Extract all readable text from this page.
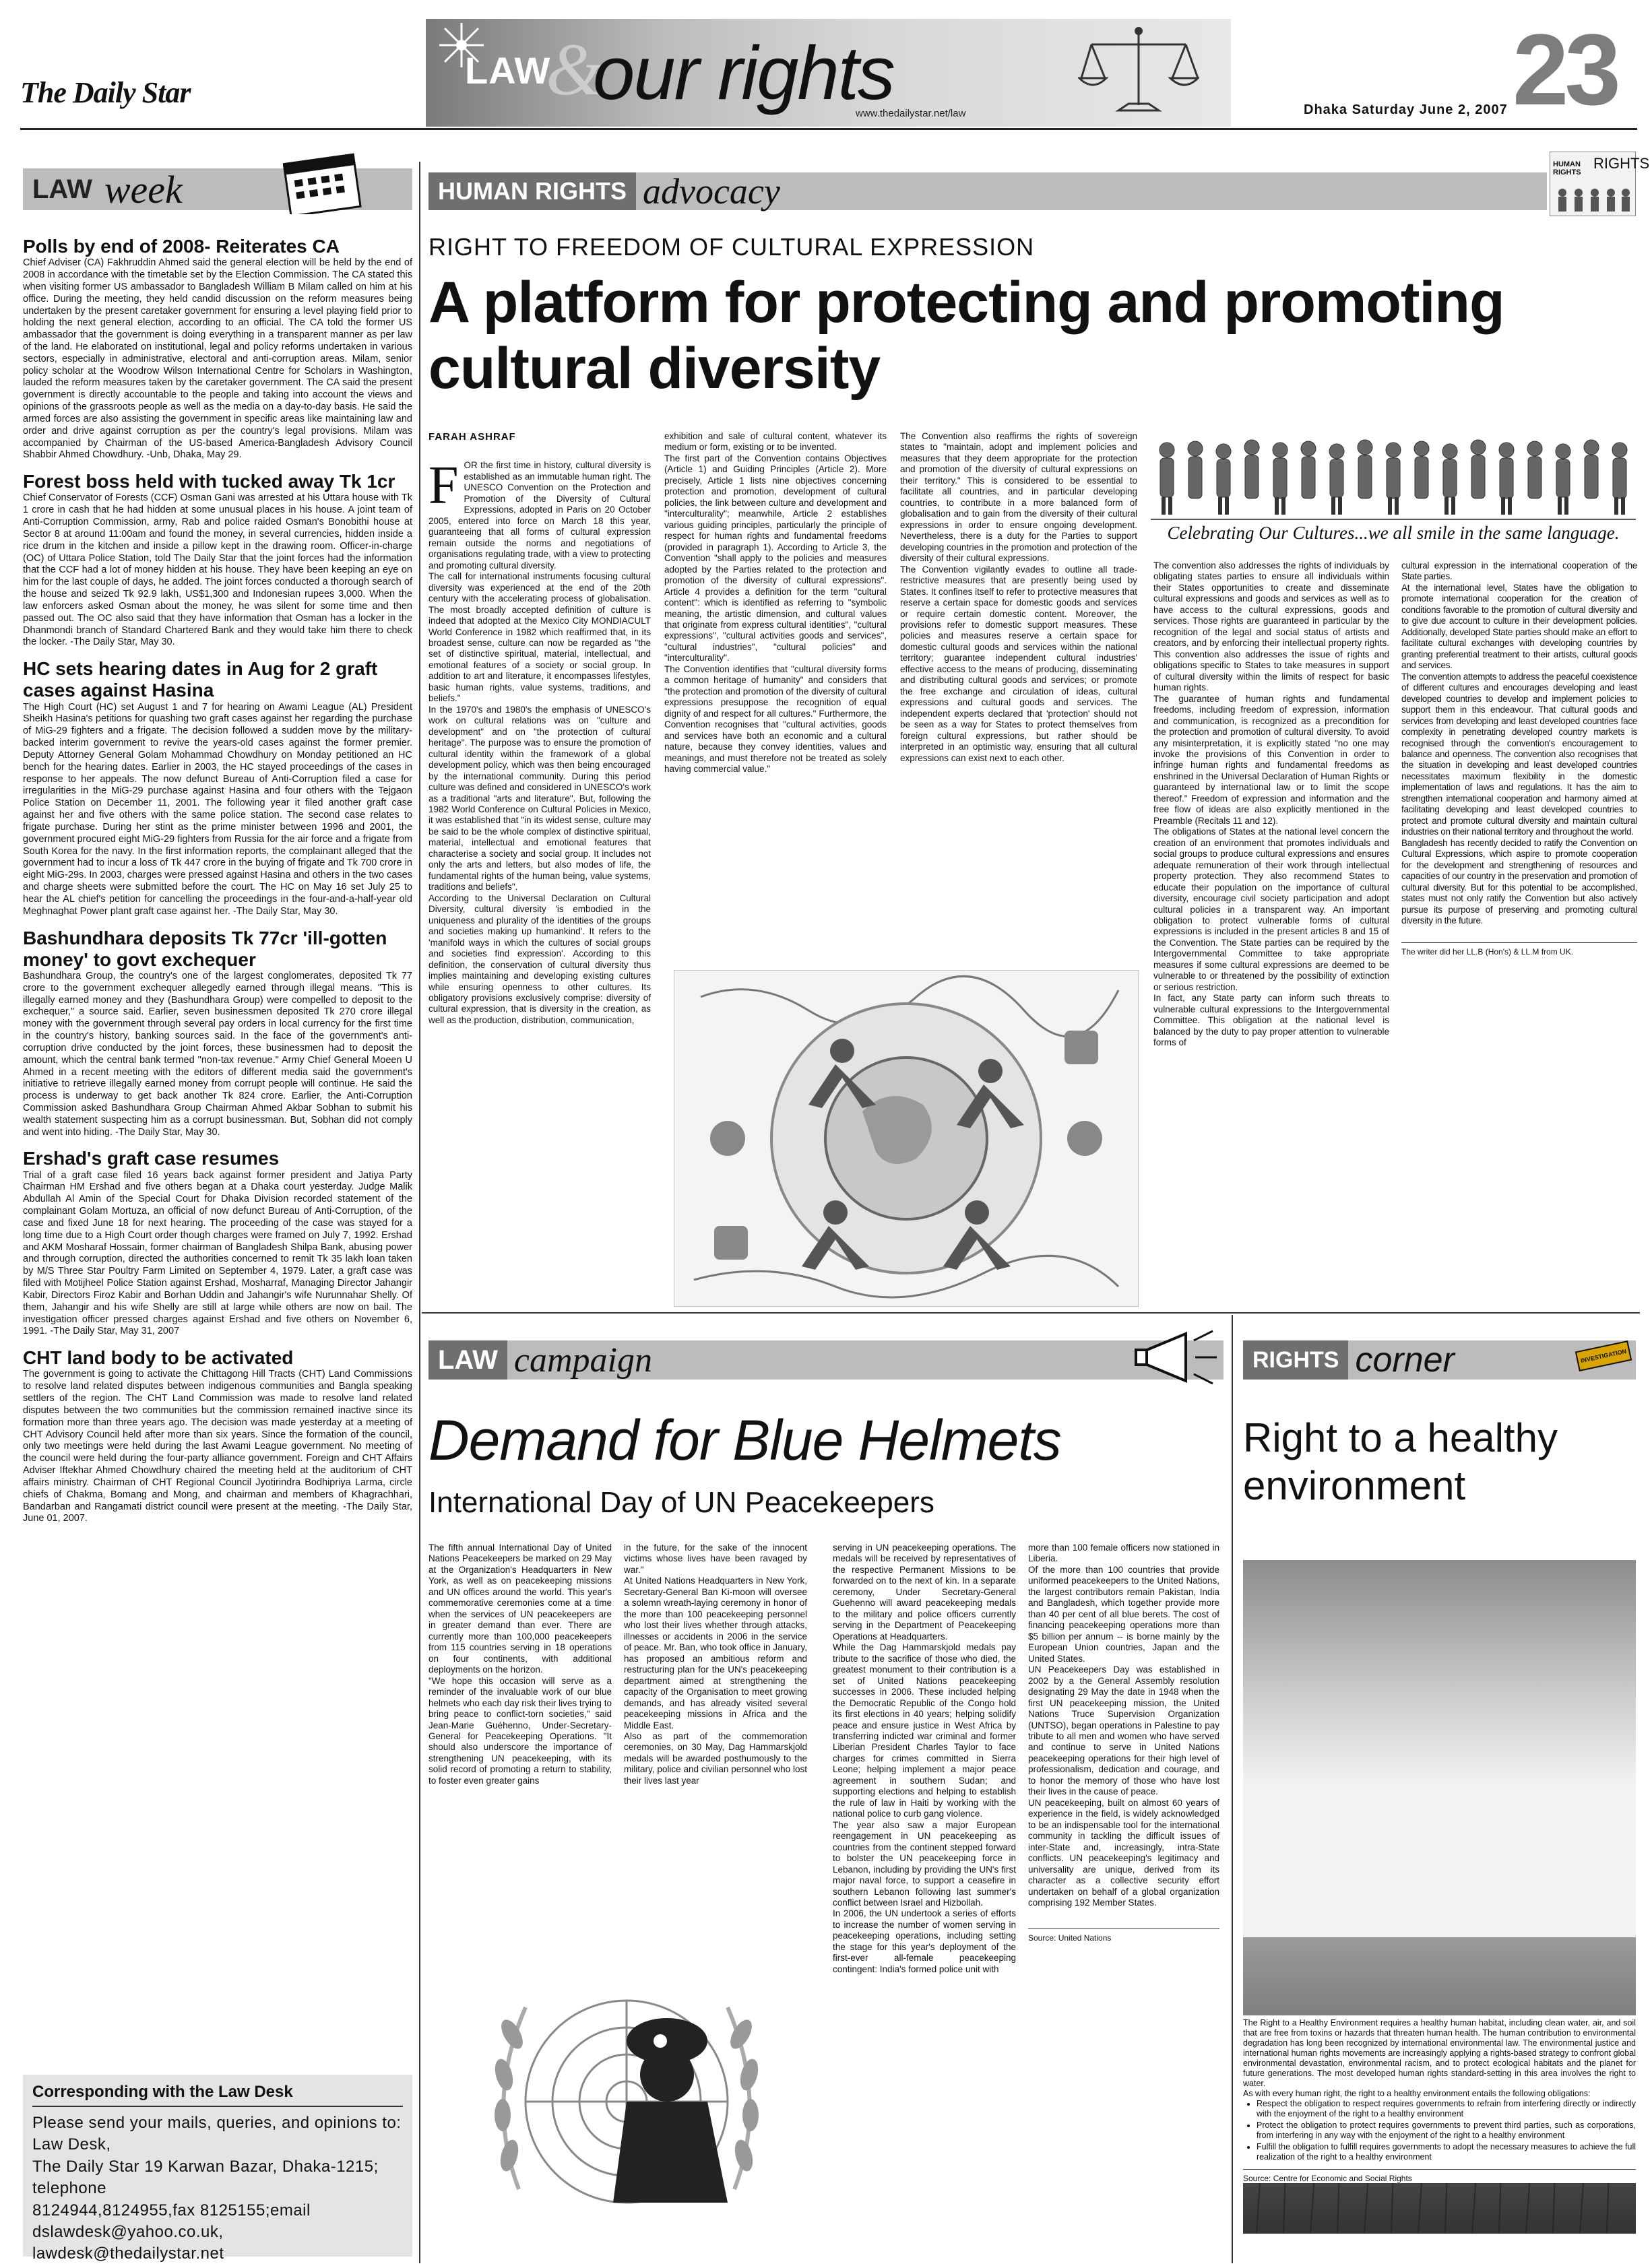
The Daily Star	&
LAW our rights
www.thedailystar.net/law	Dhaka Saturday June 2, 2007 23
LAW week
Polls by end of 2008- Reiterates CA
Chief Adviser (CA) Fakhruddin Ahmed said the general election will be held by the end of 2008 in accordance with the timetable set by the Election Commission. The CA stated this when visiting former US ambassador to Bangladesh William B Milam called on him at his office. During the meeting, they held candid discussion on the reform measures being undertaken by the present caretaker government for ensuring a level playing field prior to holding the next general election, according to an official. The CA told the former US ambassador that the government is doing everything in a transparent manner as per law of the land. He elaborated on institutional, legal and policy reforms undertaken in various sectors, especially in administrative, electoral and anti-corruption areas. Milam, senior policy scholar at the Woodrow Wilson International Centre for Scholars in Washington, lauded the reform measures taken by the caretaker government. The CA said the present government is directly accountable to the people and taking into account the views and opinions of the grassroots people as well as the media on a day-to-day basis. He said the armed forces are also assisting the government in specific areas like maintaining law and order and drive against corruption as per the country's legal provisions. Milam was accompanied by Chairman of the US-based America-Bangladesh Advisory Council Shabbir Ahmed Chowdhury. -Unb, Dhaka, May 29.
Forest boss held with tucked away Tk 1cr
Chief Conservator of Forests (CCF) Osman Gani was arrested at his Uttara house with Tk 1 crore in cash that he had hidden at some unusual places in his house. A joint team of Anti-Corruption Commission, army, Rab and police raided Osman's Bonobithi house at Sector 8 at around 11:00am and found the money, in several currencies, hidden inside a rice drum in the kitchen and inside a pillow kept in the drawing room. Officer-in-charge (OC) of Uttara Police Station, told The Daily Star that the joint forces had the information that the CCF had a lot of money hidden at his house. They have been keeping an eye on him for the last couple of days, he added. The joint forces conducted a thorough search of the house and seized Tk 92.9 lakh, US$1,300 and Indonesian rupees 3,000. When the law enforcers asked Osman about the money, he was silent for some time and then passed out. The OC also said that they have information that Osman has a locker in the Dhanmondi branch of Standard Chartered Bank and they would take him there to check the locker. -The Daily Star, May 30.
HC sets hearing dates in Aug for 2 graft cases against Hasina
The High Court (HC) set August 1 and 7 for hearing on Awami League (AL) President Sheikh Hasina's petitions for quashing two graft cases against her regarding the purchase of MiG-29 fighters and a frigate. The decision followed a sudden move by the military-backed interim government to revive the years-old cases against the former premier. Deputy Attorney General Golam Mohammad Chowdhury on Monday petitioned an HC bench for the hearing dates. Earlier in 2003, the HC stayed proceedings of the cases in response to her appeals. The now defunct Bureau of Anti-Corruption filed a case for irregularities in the MiG-29 purchase against Hasina and four others with the Tejgaon Police Station on December 11, 2001. The following year it filed another graft case against her and five others with the same police station. The second case relates to frigate purchase. During her stint as the prime minister between 1996 and 2001, the government procured eight MiG-29 fighters from Russia for the air force and a frigate from South Korea for the navy. In the first information reports, the complainant alleged that the government had to incur a loss of Tk 447 crore in the buying of frigate and Tk 700 crore in eight MiG-29s. In 2003, charges were pressed against Hasina and others in the two cases and charge sheets were submitted before the court. The HC on May 16 set July 25 to hear the AL chief's petition for cancelling the proceedings in the four-and-a-half-year old Meghnaghat Power plant graft case against her. -The Daily Star, May 30.
Bashundhara deposits Tk 77cr 'ill-gotten money' to govt exchequer
Bashundhara Group, the country's one of the largest conglomerates, deposited Tk 77 crore to the government exchequer allegedly earned through illegal means. "This is illegally earned money and they (Bashundhara Group) were compelled to deposit to the exchequer," a source said. Earlier, seven businessmen deposited Tk 270 crore illegal money with the government through several pay orders in local currency for the first time in the country's history, banking sources said. In the face of the government's anti-corruption drive conducted by the joint forces, these businessmen had to deposit the amount, which the central bank termed "non-tax revenue." Army Chief General Moeen U Ahmed in a recent meeting with the editors of different media said the government's initiative to retrieve illegally earned money from corrupt people will continue. He said the process is underway to get back another Tk 824 crore. Earlier, the Anti-Corruption Commission asked Bashundhara Group Chairman Ahmed Akbar Sobhan to submit his wealth statement suspecting him as a corrupt businessman. But, Sobhan did not comply and went into hiding. -The Daily Star, May 30.
Ershad's graft case resumes
Trial of a graft case filed 16 years back against former president and Jatiya Party Chairman HM Ershad and five others began at a Dhaka court yesterday. Judge Malik Abdullah Al Amin of the Special Court for Dhaka Division recorded statement of the complainant Golam Mortuza, an official of now defunct Bureau of Anti-Corruption, of the case and fixed June 18 for next hearing. The proceeding of the case was stayed for a long time due to a High Court order though charges were framed on July 7, 1992. Ershad and AKM Mosharaf Hossain, former chairman of Bangladesh Shilpa Bank, abusing power and through corruption, directed the authorities concerned to remit Tk 35 lakh loan taken by M/S Three Star Poultry Farm Limited on September 4, 1979. Later, a graft case was filed with Motijheel Police Station against Ershad, Mosharraf, Managing Director Jahangir Kabir, Directors Firoz Kabir and Borhan Uddin and Jahangir's wife Nurunnahar Shelly. Of them, Jahangir and his wife Shelly are still at large while others are now on bail. The investigation officer pressed charges against Ershad and five others on November 6, 1991. -The Daily Star, May 31, 2007
CHT land body to be activated
The government is going to activate the Chittagong Hill Tracts (CHT) Land Commissions to resolve land related disputes between indigenous communities and Bangla speaking settlers of the region. The CHT Land Commission was made to resolve land related disputes between the two communities but the commission remained inactive since its formation more than three years ago. The decision was made yesterday at a meeting of CHT Advisory Council held after more than six years. Since the formation of the council, only two meetings were held during the last Awami League government. No meeting of the council were held during the four-party alliance government. Foreign and CHT Affairs Adviser Iftekhar Ahmed Chowdhury chaired the meeting held at the auditorium of CHT affairs ministry. Chairman of CHT Regional Council Jyotirindra Bodhipriya Larma, circle chiefs of Chakma, Bomang and Mong, and chairman and members of Khagrachhari, Bandarban and Rangamati district council were present at the meeting. -The Daily Star, June 01, 2007.
Corresponding with the Law Desk
Please send your mails, queries, and opinions to: Law Desk,
The Daily Star 19 Karwan Bazar, Dhaka-1215; telephone
8124944,8124955,fax 8125155;email
dslawdesk@yahoo.co.uk, lawdesk@thedailystar.net
HUMAN RIGHTS advocacy
HUMAN RIGHTS
RIGHTS
RIGHT TO FREEDOM OF CULTURAL EXPRESSION
A platform for protecting and promoting cultural diversity
FARAH ASHRAF

FOR the first time in history, cultural diversity is established as an immutable human right. The UNESCO Convention on the Protection and Promotion of the Diversity of Cultural Expressions, adopted in Paris on 20 October 2005, entered into force on March 18 this year, guaranteeing that all forms of cultural expression remain outside the norms and negotiations of organisations regulating trade, with a view to protecting and promoting cultural diversity.
The call for international instruments focusing cultural diversity was experienced at the end of the 20th century with the accelerating process of globalisation. The most broadly accepted definition of culture is indeed that adopted at the Mexico City MONDIACULT World Conference in 1982 which reaffirmed that, in its broadest sense, culture can now be regarded as "the set of distinctive spiritual, material, intellectual, and emotional features of a society or social group. In addition to art and literature, it encompasses lifestyles, basic human rights, value systems, traditions, and beliefs."
In the 1970's and 1980's the emphasis of UNESCO's work on cultural relations was on "culture and development" and on "the protection of cultural heritage". The purpose was to ensure the promotion of cultural identity within the framework of a global development policy, which was then being encouraged by the international community. During this period culture was defined and considered in UNESCO's work as a traditional "arts and literature". But, following the 1982 World Conference on Cultural Policies in Mexico, it was established that "in its widest sense, culture may be said to be the whole complex of distinctive spiritual, material, intellectual and emotional features that characterise a society and social group. It includes not only the arts and letters, but also modes of life, the fundamental rights of the human being, value systems, traditions and beliefs".
According to the Universal Declaration on Cultural Diversity, cultural diversity 'is embodied in the uniqueness and plurality of the identities of the groups and societies making up humankind'. It refers to the 'manifold ways in which the cultures of social groups and societies find expression'. According to this definition, the conservation of cultural diversity thus implies maintaining and developing existing cultures while ensuring openness to other cultures. Its obligatory provisions exclusively comprise: diversity of cultural expression, that is diversity in the creation, as well as the production, distribution, communication,

exhibition and sale of cultural content, whatever its medium or form, existing or to be invented.
The first part of the Convention contains Objectives (Article 1) and Guiding Principles (Article 2). More precisely, Article 1 lists nine objectives concerning protection and promotion, development of cultural policies, the link between culture and development and "interculturality"; meanwhile, Article 2 establishes various guiding principles, particularly the principle of respect for human rights and fundamental freedoms (provided in paragraph 1). According to Article 3, the Convention "shall apply to the policies and measures adopted by the Parties related to the protection and promotion of the diversity of cultural expressions". Article 4 provides a definition for the term "cultural content": which is identified as referring to "symbolic meaning, the artistic dimension, and cultural values that originate from express cultural identities", "cultural expressions", "cultural activities goods and services", "cultural industries", "cultural policies" and "interculturality".
The Convention identifies that "cultural diversity forms a common heritage of humanity" and considers that "the protection and promotion of the diversity of cultural expressions presuppose the recognition of equal dignity of and respect for all cultures." Furthermore, the Convention recognises that "cultural activities, goods and services have both an economic and a cultural nature, because they convey identities, values and meanings, and must therefore not be treated as solely having commercial value."
The Convention also reaffirms the rights of sovereign states to "maintain, adopt and implement policies and measures that they deem appropriate for the protection and promotion of the diversity of cultural expressions on their territory." This is considered to be essential to facilitate all countries, and in particular developing countries, to contribute in a more balanced form of globalisation and to gain from the diversity of their cultural expressions in order to ensure ongoing development. Nevertheless, there is a duty for the Parties to support developing countries in the promotion and protection of the diversity of their cultural expressions.
The Convention vigilantly evades to outline all trade-restrictive measures that are presently being used by States. It confines itself to refer to protective measures that reserve a certain space for domestic goods and services or require certain domestic content. Moreover, the provisions refer to domestic support measures. These policies and measures reserve a certain space for domestic cultural goods and services within the national territory; guarantee independent cultural industries' effective access to the means of producing, disseminating and distributing cultural goods and services; or promote the free exchange and circulation of ideas, cultural expressions and cultural goods and services. The independent experts declared that 'protection' should not be seen as a way for States to protect themselves from foreign cultural expressions, but rather should be interpreted in an optimistic way, ensuring that all cultural expressions can exist next to each other.
Celebrating Our Cultures...we all smile in the same language.
The convention also addresses the rights of individuals by obligating states parties to ensure all individuals within their States opportunities to create and disseminate cultural expressions and goods and services as well as to have access to the cultural expressions, goods and services. Those rights are guaranteed in particular by the recognition of the legal and social status of artists and creators, and by enforcing their intellectual property rights. This convention also addresses the issue of rights and obligations specific to States to take measures in support of cultural diversity within the limits of respect for basic human rights.
The guarantee of human rights and fundamental freedoms, including freedom of expression, information and communication, is recognized as a precondition for the protection and promotion of cultural diversity. To avoid any misinterpretation, it is explicitly stated "no one may invoke the provisions of this Convention in order to infringe human rights and fundamental freedoms as enshrined in the Universal Declaration of Human Rights or guaranteed by international law or to limit the scope thereof." Freedom of expression and information and the free flow of ideas are also explicitly mentioned in the Preamble (Recitals 11 and 12).
The obligations of States at the national level concern the creation of an environment that promotes individuals and social groups to produce cultural expressions and ensures adequate remuneration of their work through intellectual property protection. They also recommend States to educate their population on the importance of cultural diversity, encourage civil society participation and adopt cultural policies in a transparent way. An important obligation to protect vulnerable forms of cultural expressions is included in the present articles 8 and 15 of the Convention. The State parties can be required by the Intergovernmental Committee to take appropriate measures if some cultural expressions are deemed to be vulnerable to or threatened by the possibility of extinction or serious restriction.
In fact, any State party can inform such threats to vulnerable cultural expressions to the Intergovernmental Committee. This obligation at the national level is balanced by the duty to pay proper attention to vulnerable forms of
cultural expression in the international cooperation of the State parties.
At the international level, States have the obligation to promote international cooperation for the creation of conditions favorable to the promotion of cultural diversity and to give due account to culture in their development policies. Additionally, developed State parties should make an effort to facilitate cultural exchanges with developing countries by granting preferential treatment to their artists, cultural goods and services.
The convention attempts to address the peaceful coexistence of different cultures and encourages developing and least developed countries to develop and implement policies to support them in this endeavour. That cultural goods and services from developing and least developed countries face complexity in penetrating developed country markets is recognised through the convention's encouragement to balance and openness. The convention also recognises that the situation in developing and least developed countries necessitates maximum flexibility in the domestic implementation of laws and regulations. It has the aim to strengthen international cooperation and harmony aimed at facilitating developing and least developed countries to protect and promote cultural diversity and maintain cultural industries on their national territory and throughout the world.
Bangladesh has recently decided to ratify the Convention on Cultural Expressions, which aspire to promote cooperation for the development and strengthening of resources and capacities of our country in the preservation and promotion of cultural diversity. But for this potential to be accomplished, states must not only ratify the Convention but also actively pursue its purpose of preserving and promoting cultural diversity in the future.
The writer did her LL.B (Hon's) & LL.M from UK.
LAW campaign
Demand for Blue Helmets
International Day of UN Peacekeepers
The fifth annual International Day of United Nations Peacekeepers be marked on 29 May at the Organization's Headquarters in New York, as well as on peacekeeping missions and UN offices around the world. This year's commemorative ceremonies come at a time when the services of UN peacekeepers are in greater demand than ever. There are currently more than 100,000 peacekeepers from 115 countries serving in 18 operations on four continents, with additional deployments on the horizon.
"We hope this occasion will serve as a reminder of the invaluable work of our blue helmets who each day risk their lives trying to bring peace to conflict-torn societies," said Jean-Marie Guéhenno, Under-Secretary-General for Peacekeeping Operations. "It should also underscore the importance of strengthening UN peacekeeping, with its solid record of promoting a return to stability, to foster even greater gains
in the future, for the sake of the innocent victims whose lives have been ravaged by war."
At United Nations Headquarters in New York, Secretary-General Ban Ki-moon will oversee a solemn wreath-laying ceremony in honor of the more than 100 peacekeeping personnel who lost their lives whether through attacks, illnesses or accidents in 2006 in the service of peace. Mr. Ban, who took office in January, has proposed an ambitious reform and restructuring plan for the UN's peacekeeping department aimed at strengthening the capacity of the Organisation to meet growing demands, and has already visited several peacekeeping missions in Africa and the Middle East.
Also as part of the commemoration ceremonies, on 30 May, Dag Hammarskjold medals will be awarded posthumously to the military, police and civilian personnel who lost their lives last year
serving in UN peacekeeping operations. The medals will be received by representatives of the respective Permanent Missions to be forwarded on to the next of kin. In a separate ceremony, Under Secretary-General Guehenno will award peacekeeping medals to the military and police officers currently serving in the Department of Peacekeeping Operations at Headquarters.
While the Dag Hammarskjold medals pay tribute to the sacrifice of those who died, the greatest monument to their contribution is a set of United Nations peacekeeping successes in 2006. These included helping the Democratic Republic of the Congo hold its first elections in 40 years; helping solidify peace and ensure justice in West Africa by transferring indicted war criminal and former Liberian President Charles Taylor to face charges for crimes committed in Sierra Leone; helping implement a major peace agreement in southern Sudan; and supporting elections and helping to establish the rule of law in Haiti by working with the national police to curb gang violence.
The year also saw a major European reengagement in UN peacekeeping as countries from the continent stepped forward to bolster the UN peacekeeping force in Lebanon, including by providing the UN's first major naval force, to support a ceasefire in southern Lebanon following last summer's conflict between Israel and Hizbollah.
In 2006, the UN undertook a series of efforts to increase the number of women serving in peacekeeping operations, including setting the stage for this year's deployment of the first-ever all-female peacekeeping contingent: India's formed police unit with
more than 100 female officers now stationed in Liberia.
Of the more than 100 countries that provide uniformed peacekeepers to the United Nations, the largest contributors remain Pakistan, India and Bangladesh, which together provide more than 40 per cent of all blue berets. The cost of financing peacekeeping operations more than $5 billion per annum -- is borne mainly by the European Union countries, Japan and the United States.
UN Peacekeepers Day was established in 2002 by a the General Assembly resolution designating 29 May the date in 1948 when the first UN peacekeeping mission, the United Nations Truce Supervision Organization (UNTSO), began operations in Palestine to pay tribute to all men and women who have served and continue to serve in United Nations peacekeeping operations for their high level of professionalism, dedication and courage, and to honor the memory of those who have lost their lives in the cause of peace.
UN peacekeeping, built on almost 60 years of experience in the field, is widely acknowledged to be an indispensable tool for the international community in tackling the difficult issues of inter-State and, increasingly, intra-State conflicts. UN peacekeeping's legitimacy and universality are unique, derived from its character as a collective security effort undertaken on behalf of a global organization comprising 192 Member States.
Source: United Nations
RIGHTS corner	INVESTIGATION
Right to a healthy environment
The Right to a Healthy Environment requires a healthy human habitat, including clean water, air, and soil that are free from toxins or hazards that threaten human health. The human contribution to environmental degradation has long been recognized by international environmental law. The environmental justice and international human rights movements are increasingly applying a rights-based strategy to confront global environmental devastation, environmental racism, and to protect ecological habitats and the planet for future generations. The most developed human rights standard-setting in this area involves the right to water.
As with every human right, the right to a healthy environment entails the following obligations:
• Respect the obligation to respect requires governments to refrain from interfering directly or indirectly with the enjoyment of the right to a healthy environment
• Protect the obligation to protect requires governments to prevent third parties, such as corporations, from interfering in any way with the enjoyment of the right to a healthy environment
• Fulfill the obligation to fulfill requires governments to adopt the necessary measures to achieve the full realization of the right to a healthy environment
Source: Centre for Economic and Social Rights
